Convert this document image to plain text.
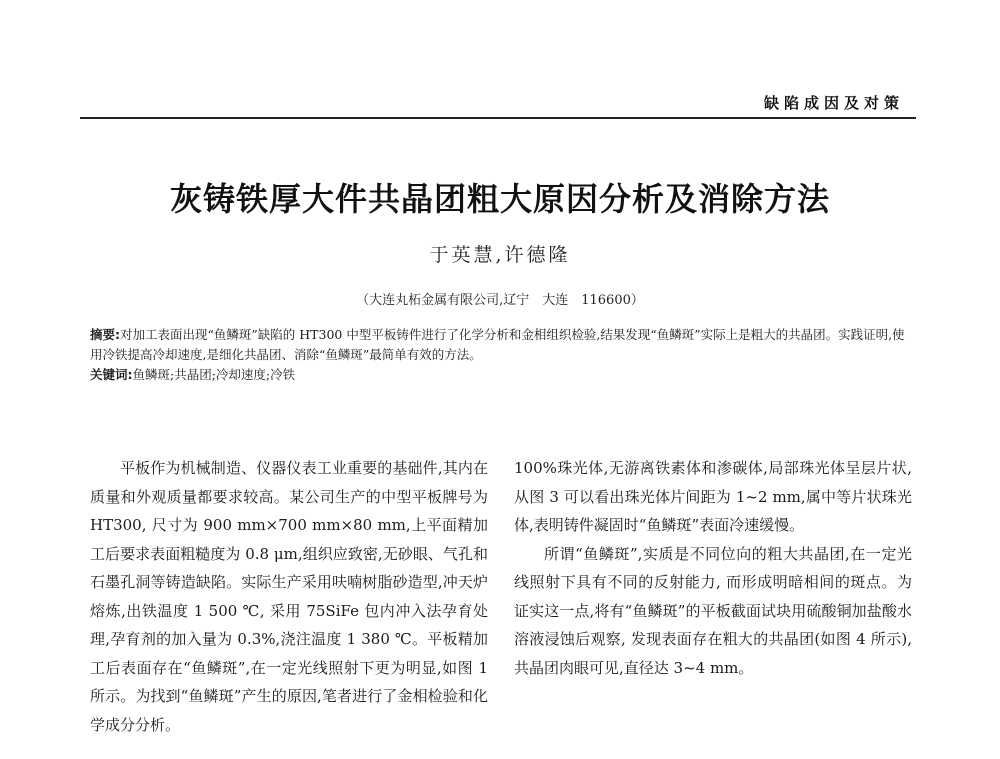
缺陷成因及对策
灰铸铁厚大件共晶团粗大原因分析及消除方法
于英慧,许德隆
（大连丸柘金属有限公司,辽宁　大连　116600）

摘要:对加工表面出现“鱼鳞斑”缺陷的 HT300 中型平板铸件进行了化学分析和金相组织检验,结果发现“鱼鳞斑”实际上是粗大的共晶团。实践证明,使用冷铁提高冷却速度,是细化共晶团、消除“鱼鳞斑”最简单有效的方法。

关键词:鱼鳞斑;共晶团;冷却速度;冷铁

平板作为机械制造、仪器仪表工业重要的基础件,其内在质量和外观质量都要求较高。某公司生产的中型平板牌号为 HT300, 尺寸为 900 mm×700 mm×80 mm,上平面精加工后要求表面粗糙度为 0.8 μm,组织应致密,无砂眼、气孔和石墨孔洞等铸造缺陷。实际生产采用呋喃树脂砂造型,冲天炉熔炼,出铁温度 1 500 ℃, 采用 75SiFe 包内冲入法孕育处理,孕育剂的加入量为 0.3%,浇注温度 1 380 ℃。平板精加工后表面存在“鱼鳞斑”,在一定光线照射下更为明显,如图 1 所示。为找到“鱼鳞斑”产生的原因,笔者进行了金相检验和化学成分分析。

100%珠光体,无游离铁素体和渗碳体,局部珠光体呈层片状, 从图 3 可以看出珠光体片间距为 1~2 mm,属中等片状珠光体,表明铸件凝固时“鱼鳞斑”表面冷速缓慢。

所谓“鱼鳞斑”,实质是不同位向的粗大共晶团,在一定光线照射下具有不同的反射能力, 而形成明暗相间的斑点。为证实这一点,将有“鱼鳞斑”的平板截面试块用硫酸铜加盐酸水溶液浸蚀后观察, 发现表面存在粗大的共晶团(如图 4 所示),共晶团肉眼可见,直径达 3~4 mm。
